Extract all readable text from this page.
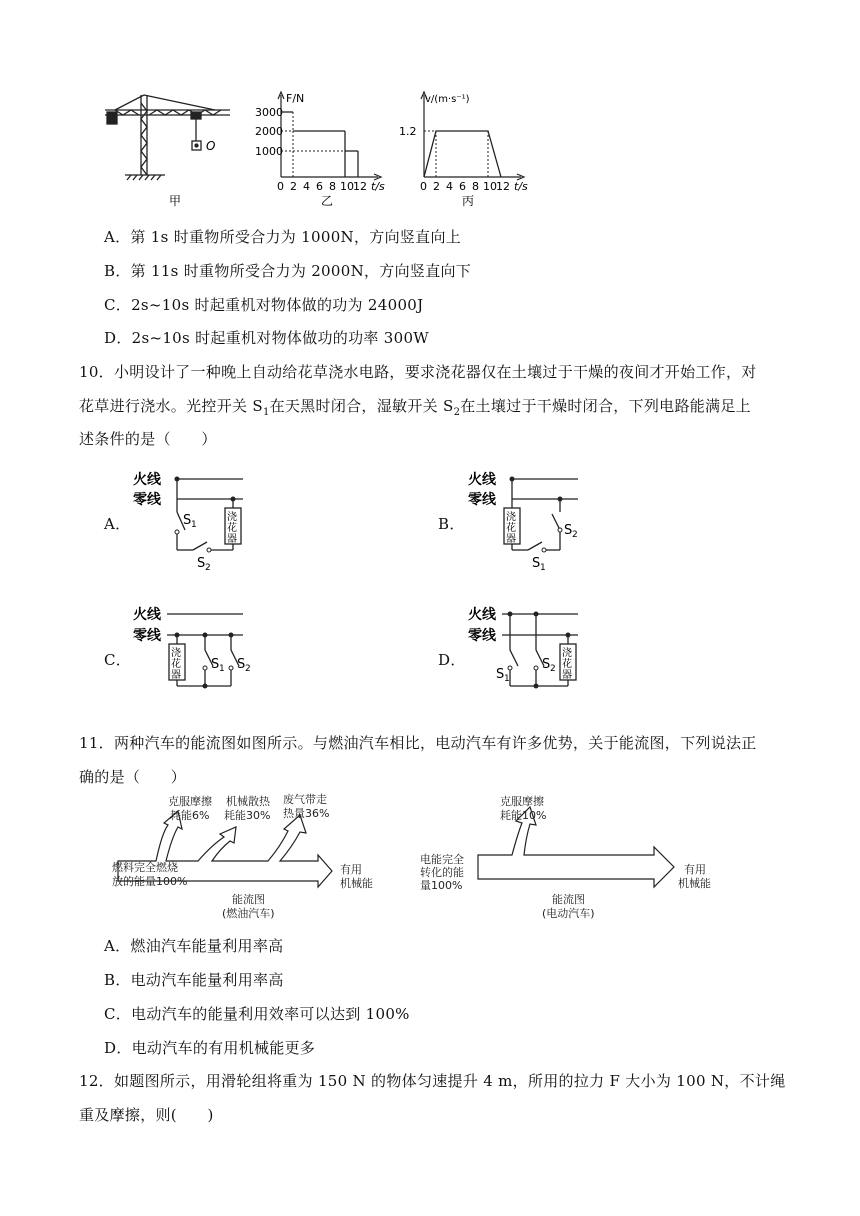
O
甲
F/N
3000
2000
1000
0 2 4 6 8 10 12 t/s
乙
v/(m·s⁻¹)
1.2
0 2 4 6 8 10 12 t/s
丙
A．第 1s 时重物所受合力为 1000N，方向竖直向上
B．第 11s 时重物所受合力为 2000N，方向竖直向下
C．2s~10s 时起重机对物体做的功为 24000J
D．2s~10s 时起重机对物体做功的功率 300W
10．小明设计了一种晚上自动给花草浇水电路，要求浇花器仅在土壤过于干燥的夜间才开始工作，对
花草进行浇水。光控开关 $S_1$在天黑时闭合，湿敏开关 $S_2$在土壤过于干燥时闭合，下列电路能满足上
述条件的是（　　）
A．
火线
零线
浇
花
器
S 1
S 2
B．
火线
零线
浇
花
器
S 2
S 1
C．
火线
零线
浇
花
器
S 1 S 2	D．
火线
零线
浇
花
器
S 1
S 2
11．两种汽车的能流图如图所示。与燃油汽车相比，电动汽车有许多优势，关于能流图，下列说法正
确的是（　　）
克服摩擦
耗能6%
机械散热
耗能30%
废气带走
热量36%
燃料完全燃烧
放的能量100%
有用
机械能
能流图
(燃油汽车)
克服摩擦
耗能10%
电能完全
转化的能
量100%
有用
机械能
能流图
(电动汽车)
A．燃油汽车能量利用率高
B．电动汽车能量利用率高
C．电动汽车的能量利用效率可以达到 100%
D．电动汽车的有用机械能更多
12．如题图所示，用滑轮组将重为 150 N 的物体匀速提升 4 m，所用的拉力 F 大小为 100 N，不计绳
重及摩擦，则(　　)
